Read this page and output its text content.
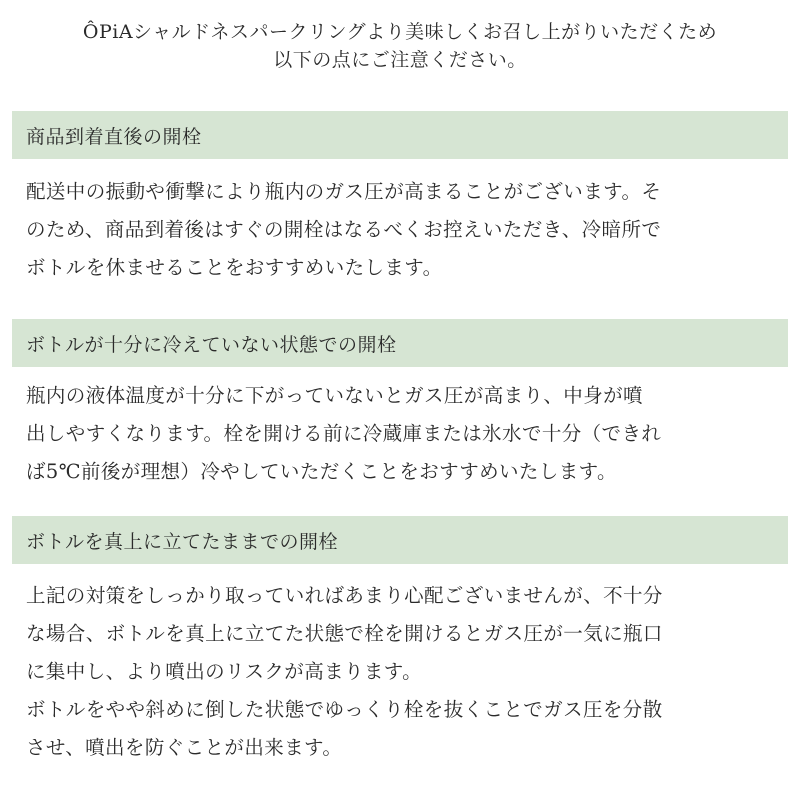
ÔPiAシャルドネスパークリングより美味しくお召し上がりいただくため
以下の点にご注意ください。
商品到着直後の開栓
配送中の振動や衝撃により瓶内のガス圧が高まることがございます。そ
のため、商品到着後はすぐの開栓はなるべくお控えいただき、冷暗所で
ボトルを休ませることをおすすめいたします。
ボトルが十分に冷えていない状態での開栓
瓶内の液体温度が十分に下がっていないとガス圧が高まり、中身が噴
出しやすくなります。栓を開ける前に冷蔵庫または氷水で十分（できれ
ば5℃前後が理想）冷やしていただくことをおすすめいたします。
ボトルを真上に立てたままでの開栓
上記の対策をしっかり取っていればあまり心配ございませんが、不十分
な場合、ボトルを真上に立てた状態で栓を開けるとガス圧が一気に瓶口
に集中し、より噴出のリスクが高まります。
ボトルをやや斜めに倒した状態でゆっくり栓を抜くことでガス圧を分散
させ、噴出を防ぐことが出来ます。
